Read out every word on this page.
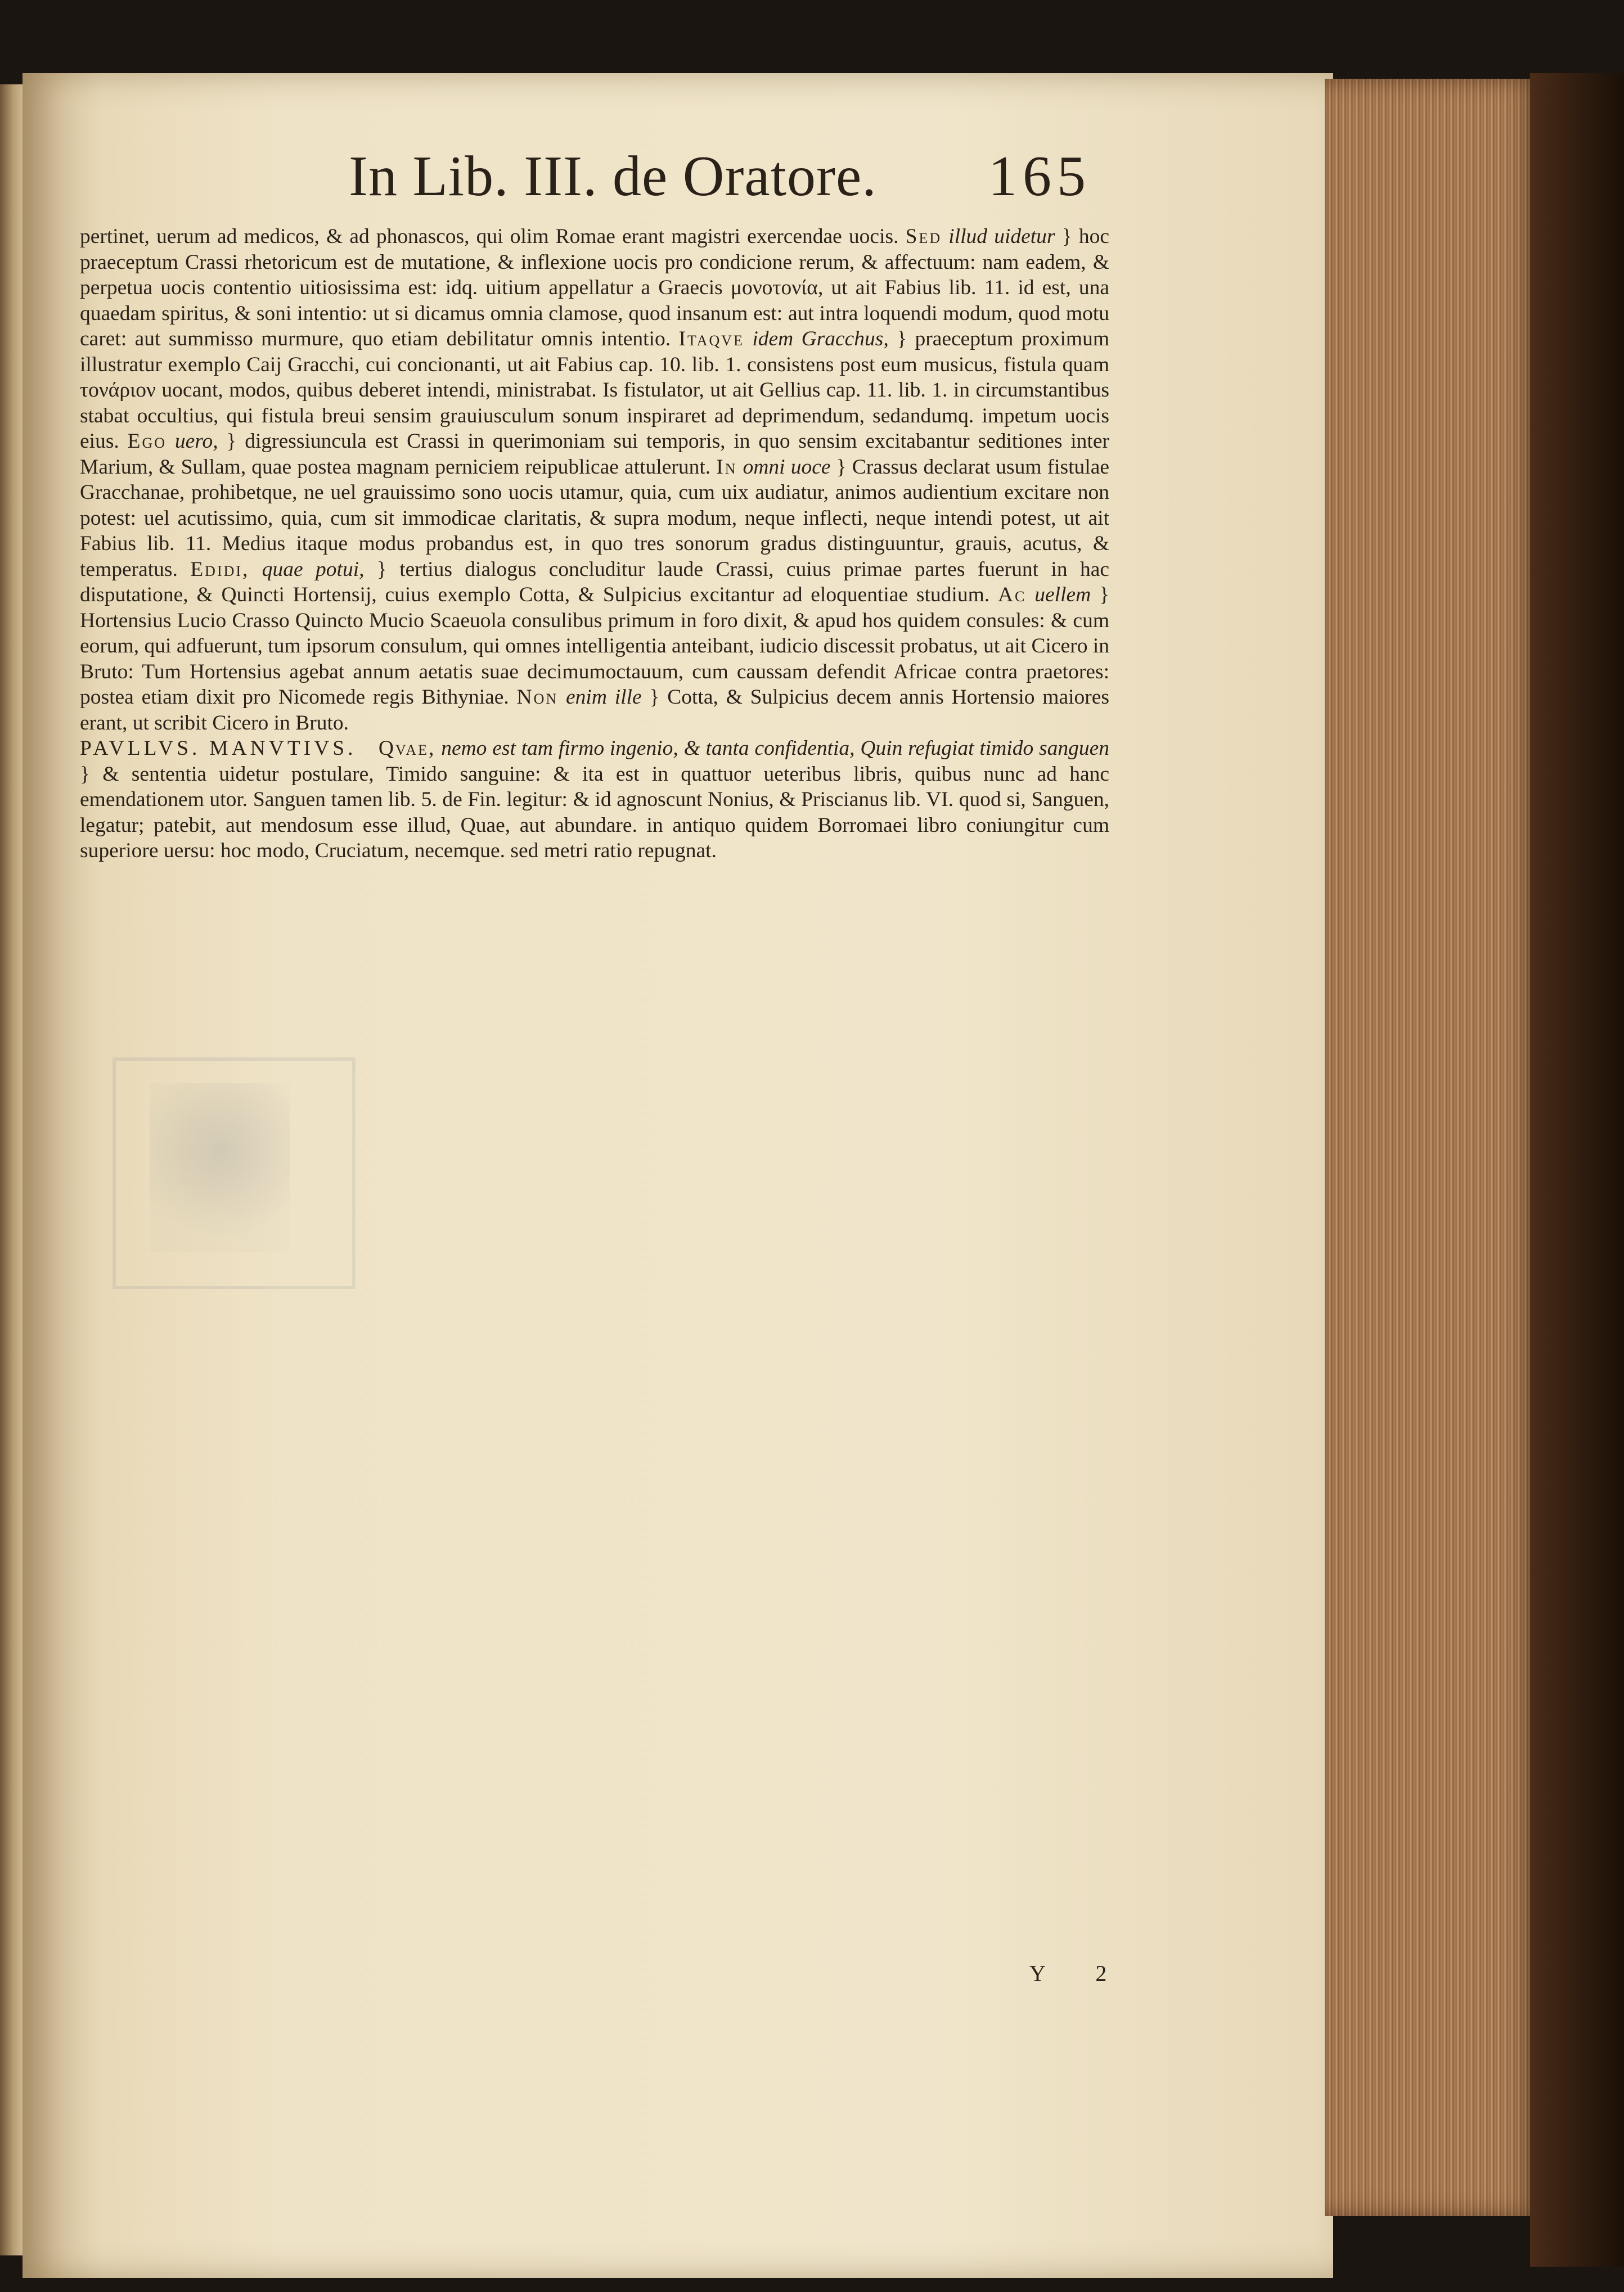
In Lib. III. de Oratore. 165

pertinet, uerum ad medicos, & ad phonascos, qui olim Romae erant magistri exercendae uocis. Sed illud uidetur } hoc praeceptum Crassi rhetoricum est de mutatione, & inflexione uocis pro condicione rerum, & affectuum: nam eadem, & perpetua uocis contentio uitiosissima est: idq. uitium appellatur a Graecis μονοτονία, ut ait Fabius lib. 11. id est, una quaedam spiritus, & soni intentio: ut si dicamus omnia clamose, quod insanum est: aut intra loquendi modum, quod motu caret: aut summisso murmure, quo etiam debilitatur omnis intentio. Itaqve idem Gracchus, } praeceptum proximum illustratur exemplo Caij Gracchi, cui concionanti, ut ait Fabius cap. 10. lib. 1. consistens post eum musicus, fistula quam τονάριον uocant, modos, quibus deberet intendi, ministrabat. Is fistulator, ut ait Gellius cap. 11. lib. 1. in circumstantibus stabat occultius, qui fistula breui sensim grauiusculum sonum inspiraret ad deprimendum, sedandumq. impetum uocis eius. Ego uero, } digressiuncula est Crassi in querimoniam sui temporis, in quo sensim excitabantur seditiones inter Marium, & Sullam, quae postea magnam perniciem reipublicae attulerunt. In omni uoce } Crassus declarat usum fistulae Gracchanae, prohibetque, ne uel grauissimo sono uocis utamur, quia, cum uix audiatur, animos audientium excitare non potest: uel acutissimo, quia, cum sit immodicae claritatis, & supra modum, neque inflecti, neque intendi potest, ut ait Fabius lib. 11. Medius itaque modus probandus est, in quo tres sonorum gradus distinguuntur, grauis, acutus, & temperatus. Edidi, quae potui, } tertius dialogus concluditur laude Crassi, cuius primae partes fuerunt in hac disputatione, & Quincti Hortensij, cuius exemplo Cotta, & Sulpicius excitantur ad eloquentiae studium. Ac uellem } Hortensius Lucio Crasso Quincto Mucio Scaeuola consulibus primum in foro dixit, & apud hos quidem consules: & cum eorum, qui adfuerunt, tum ipsorum consulum, qui omnes intelligentia anteibant, iudicio discessit probatus, ut ait Cicero in Bruto: Tum Hortensius agebat annum aetatis suae decimumoctauum, cum caussam defendit Africae contra praetores: postea etiam dixit pro Nicomede regis Bithyniae. Non enim ille } Cotta, & Sulpicius decem annis Hortensio maiores erant, ut scribit Cicero in Bruto.

PAVLLVS. MANVTIVS. Qvae, nemo est tam firmo ingenio, & tanta confidentia, Quin refugiat timido sanguen } & sententia uidetur postulare, Timido sanguine: & ita est in quattuor ueteribus libris, quibus nunc ad hanc emendationem utor. Sanguen tamen lib. 5. de Fin. legitur: & id agnoscunt Nonius, & Priscianus lib. VI. quod si, Sanguen, legatur; patebit, aut mendosum esse illud, Quae, aut abundare. in antiquo quidem Borromaei libro coniungitur cum superiore uersu: hoc modo, Cruciatum, necemque. sed metri ratio repugnat.

Y 2
